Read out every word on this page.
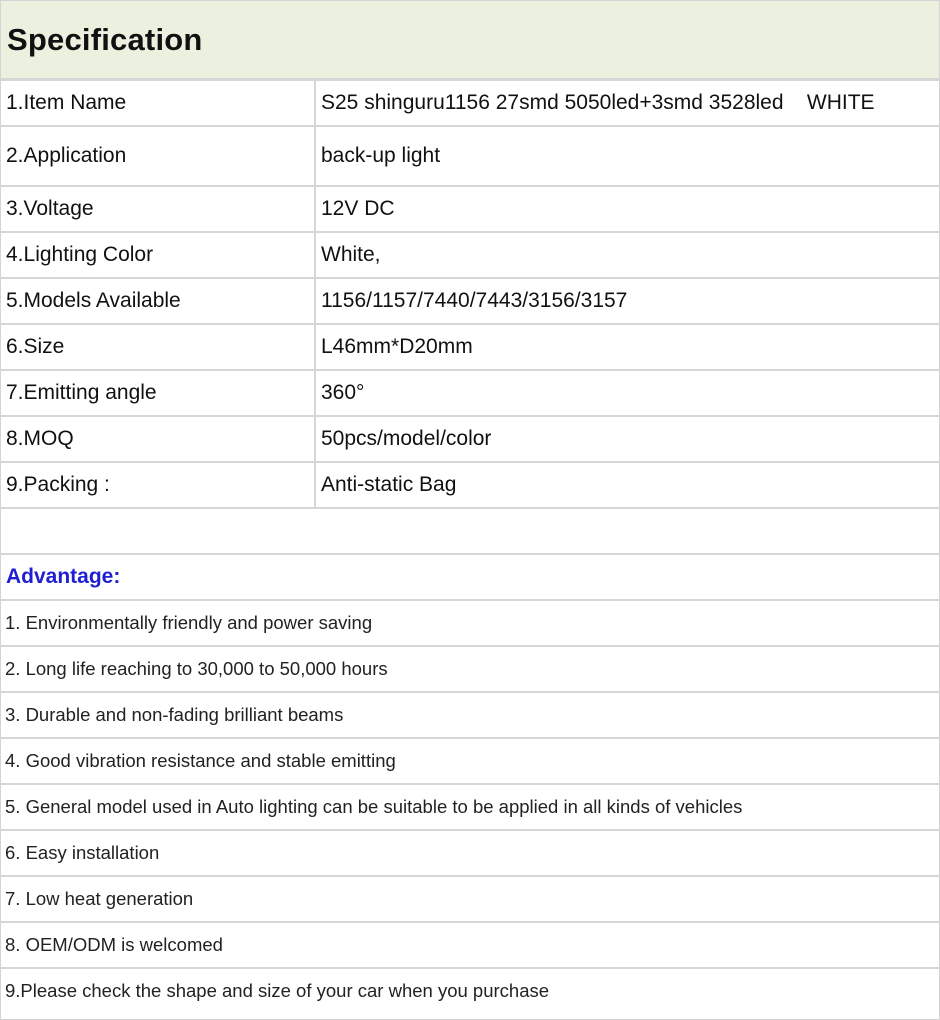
Specification
1.Item Name	S25 shinguru1156 27smd 5050led+3smd 3528led    WHITE
2.Application	back-up light
3.Voltage	12V DC
4.Lighting Color	White,
5.Models Available	1156/1157/7440/7443/3156/3157
6.Size	L46mm*D20mm
7.Emitting angle	360°
8.MOQ	50pcs/model/color
9.Packing :	Anti-static Bag
Advantage:
1. Environmentally friendly and power saving
2. Long life reaching to 30,000 to 50,000 hours
3. Durable and non-fading brilliant beams
4. Good vibration resistance and stable emitting
5. General model used in Auto lighting can be suitable to be applied in all kinds of vehicles
6. Easy installation
7. Low heat generation
8. OEM/ODM is welcomed
9.Please check the shape and size of your car when you purchase
